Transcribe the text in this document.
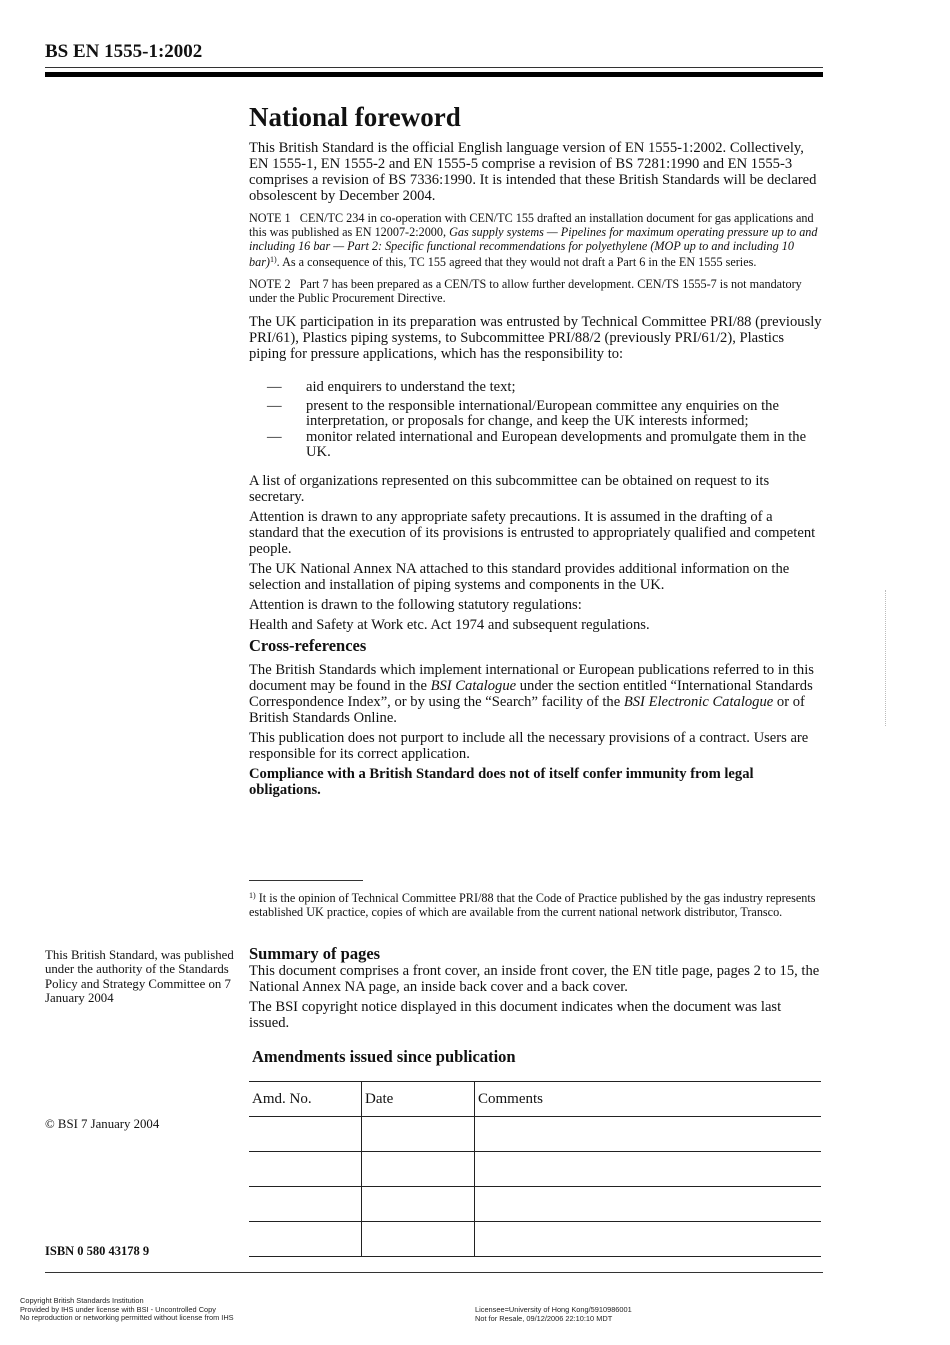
BS EN 1555-1:2002
National foreword

This British Standard is the official English language version of EN 1555-1:2002. Collectively, EN 1555-1, EN 1555-2 and EN 1555-5 comprise a revision of BS 7281:1990 and EN 1555-3 comprises a revision of BS 7336:1990. It is intended that these British Standards will be declared obsolescent by December 2004.

NOTE 1 CEN/TC 234 in co-operation with CEN/TC 155 drafted an installation document for gas applications and this was published as EN 12007-2:2000, Gas supply systems — Pipelines for maximum operating pressure up to and including 16 bar — Part 2: Specific functional recommendations for polyethylene (MOP up to and including 10 bar)$^{1)}$. As a consequence of this, TC 155 agreed that they would not draft a Part 6 in the EN 1555 series.

NOTE 2 Part 7 has been prepared as a CEN/TS to allow further development. CEN/TS 1555-7 is not mandatory under the Public Procurement Directive.

The UK participation in its preparation was entrusted by Technical Committee PRI/88 (previously PRI/61), Plastics piping systems, to Subcommittee PRI/88/2 (previously PRI/61/2), Plastics piping for pressure applications, which has the responsibility to:

— aid enquirers to understand the text;
— present to the responsible international/European committee any enquiries on the interpretation, or proposals for change, and keep the UK interests informed;
— monitor related international and European developments and promulgate them in the UK.

A list of organizations represented on this subcommittee can be obtained on request to its secretary.

Attention is drawn to any appropriate safety precautions. It is assumed in the drafting of a standard that the execution of its provisions is entrusted to appropriately qualified and competent people.

The UK National Annex NA attached to this standard provides additional information on the selection and installation of piping systems and components in the UK.

Attention is drawn to the following statutory regulations:

Health and Safety at Work etc. Act 1974 and subsequent regulations.

Cross-references

The British Standards which implement international or European publications referred to in this document may be found in the BSI Catalogue under the section entitled “International Standards Correspondence Index”, or by using the “Search” facility of the BSI Electronic Catalogue or of British Standards Online.

This publication does not purport to include all the necessary provisions of a contract. Users are responsible for its correct application.

Compliance with a British Standard does not of itself confer immunity from legal obligations.

$^{1)}$ It is the opinion of Technical Committee PRI/88 that the Code of Practice published by the gas industry represents established UK practice, copies of which are available from the current national network distributor, Transco.
Summary of pages

This document comprises a front cover, an inside front cover, the EN title page, pages 2 to 15, the National Annex NA page, an inside back cover and a back cover.

The BSI copyright notice displayed in this document indicates when the document was last issued.

This British Standard, was published under the authority of the Standards Policy and Strategy Committee on 7 January 2004
© BSI 7 January 2004
Amendments issued since publication
Amd. No.	Date	Comments

ISBN 0 580 43178 9
Copyright British Standards Institution
Provided by IHS under license with BSI - Uncontrolled Copy
No reproduction or networking permitted without license from IHS
Licensee=University of Hong Kong/5910986001
Not for Resale, 09/12/2006 22:10:10 MDT
